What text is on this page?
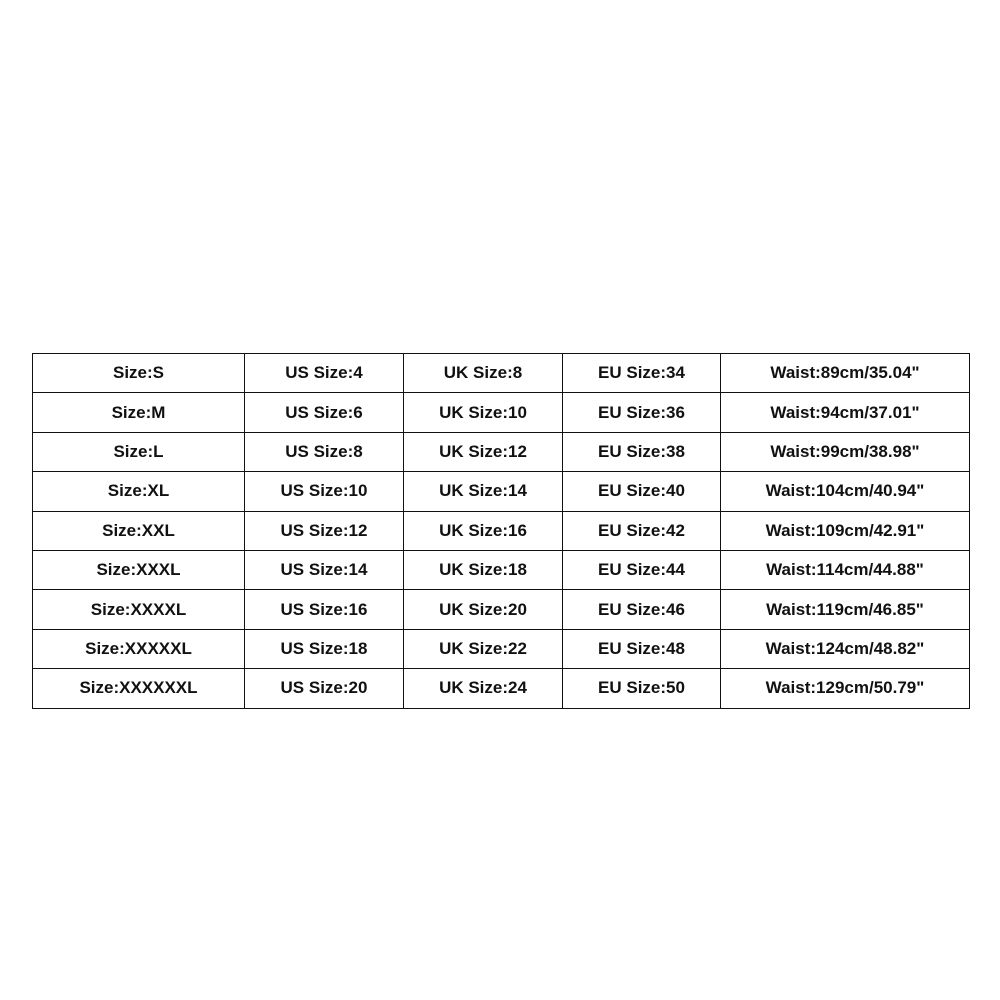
Size:S	US Size:4	UK Size:8	EU Size:34	Waist:89cm/35.04"
Size:M	US Size:6	UK Size:10	EU Size:36	Waist:94cm/37.01"
Size:L	US Size:8	UK Size:12	EU Size:38	Waist:99cm/38.98"
Size:XL	US Size:10	UK Size:14	EU Size:40	Waist:104cm/40.94"
Size:XXL	US Size:12	UK Size:16	EU Size:42	Waist:109cm/42.91"
Size:XXXL	US Size:14	UK Size:18	EU Size:44	Waist:114cm/44.88"
Size:XXXXL	US Size:16	UK Size:20	EU Size:46	Waist:119cm/46.85"
Size:XXXXXL	US Size:18	UK Size:22	EU Size:48	Waist:124cm/48.82"
Size:XXXXXXL	US Size:20	UK Size:24	EU Size:50	Waist:129cm/50.79"
